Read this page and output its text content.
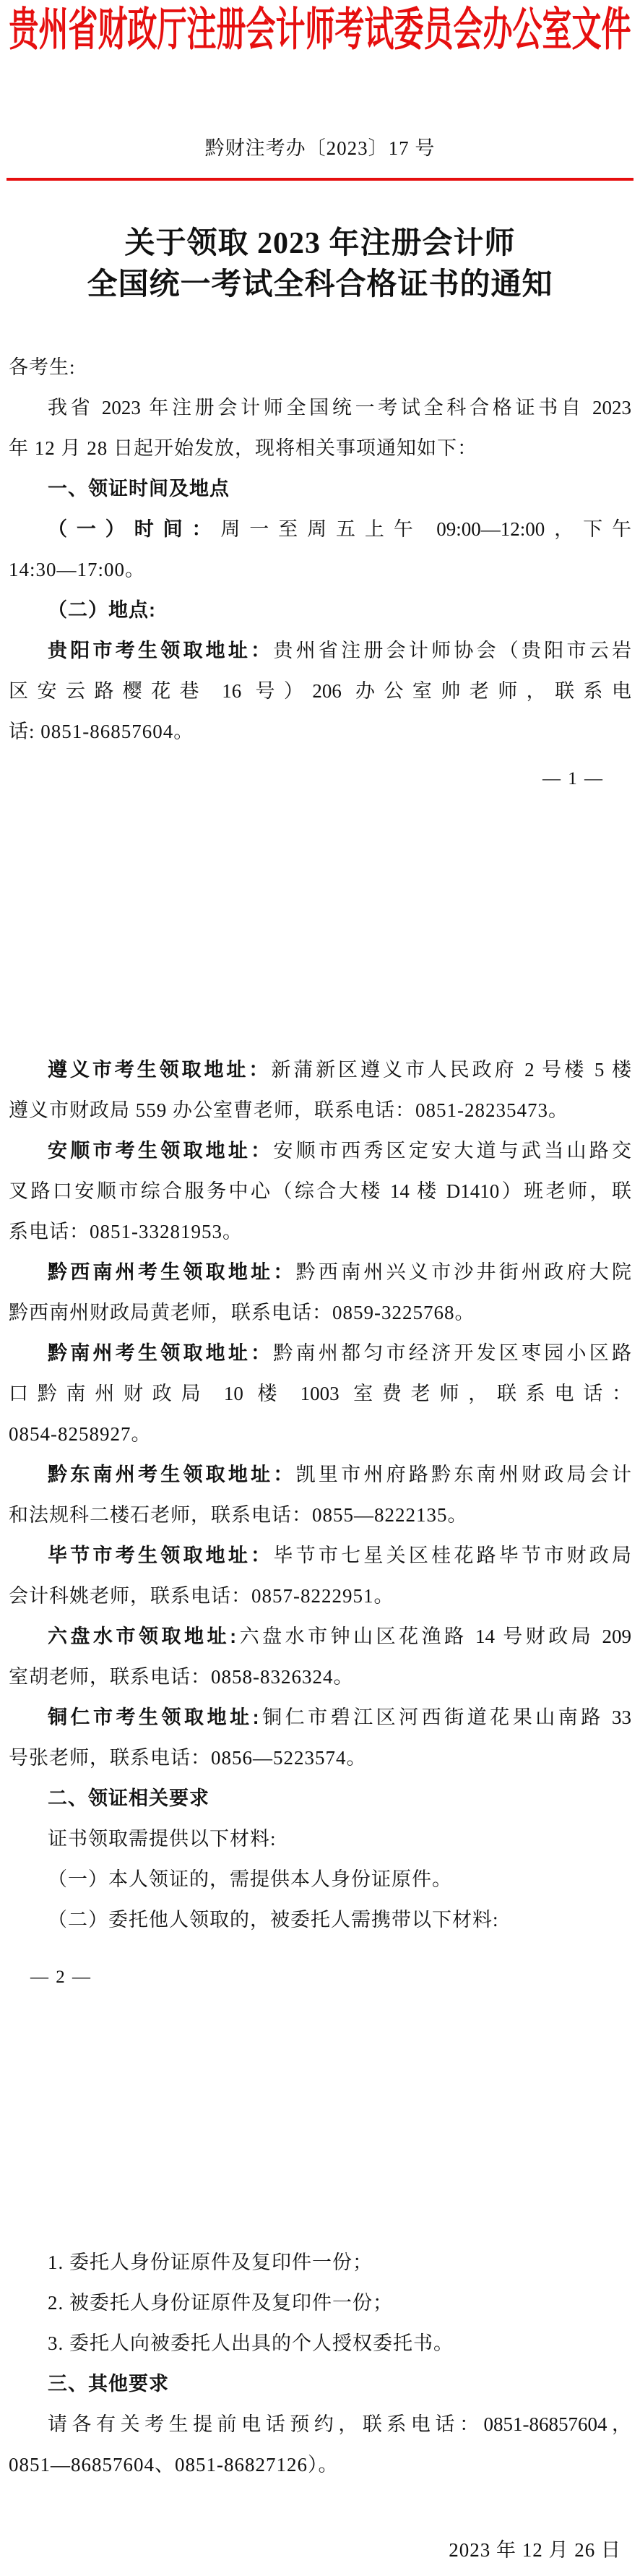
贵州省财政厅注册会计师考试委员会办公室文件
黔财注考办〔2023〕17 号
关于领取 2023 年注册会计师
全国统一考试全科合格证书的通知
各考生:
我省 2023 年注册会计师全国统一考试全科合格证书自 2023
年 12 月 28 日起开始发放，现将相关事项通知如下：
一、领证时间及地点
（一）时间：周一至周五上午 09:00—12:00，下午
14:30—17:00。
（二）地点:
贵阳市考生领取地址：贵州省注册会计师协会（贵阳市云岩
区安云路樱花巷 16 号）206 办公室帅老师，联系电
话: 0851-86857604。
— 1 —
遵义市考生领取地址：新蒲新区遵义市人民政府 2 号楼 5 楼
遵义市财政局 559 办公室曹老师，联系电话：0851-28235473。
安顺市考生领取地址：安顺市西秀区定安大道与武当山路交
叉路口安顺市综合服务中心（综合大楼 14 楼 D1410）班老师，联
系电话：0851-33281953。
黔西南州考生领取地址：黔西南州兴义市沙井街州政府大院
黔西南州财政局黄老师，联系电话：0859-3225768。
黔南州考生领取地址：黔南州都匀市经济开发区枣园小区路
口黔南州财政局 10 楼 1003 室费老师，联系电话：
0854-8258927。
黔东南州考生领取地址：凯里市州府路黔东南州财政局会计
和法规科二楼石老师，联系电话：0855—8222135。
毕节市考生领取地址：毕节市七星关区桂花路毕节市财政局
会计科姚老师，联系电话：0857-8222951。
六盘水市领取地址:六盘水市钟山区花渔路 14 号财政局 209
室胡老师，联系电话：0858-8326324。
铜仁市考生领取地址:铜仁市碧江区河西街道花果山南路 33
号张老师，联系电话：0856—5223574。
二、领证相关要求
证书领取需提供以下材料:
（一）本人领证的，需提供本人身份证原件。
（二）委托他人领取的，被委托人需携带以下材料:
— 2 —
1. 委托人身份证原件及复印件一份；
2. 被委托人身份证原件及复印件一份；
3. 委托人向被委托人出具的个人授权委托书。
三、其他要求
请各有关考生提前电话预约，联系电话：0851-86857604，
0851—86857604、0851-86827126）。
2023 年 12 月 26 日
